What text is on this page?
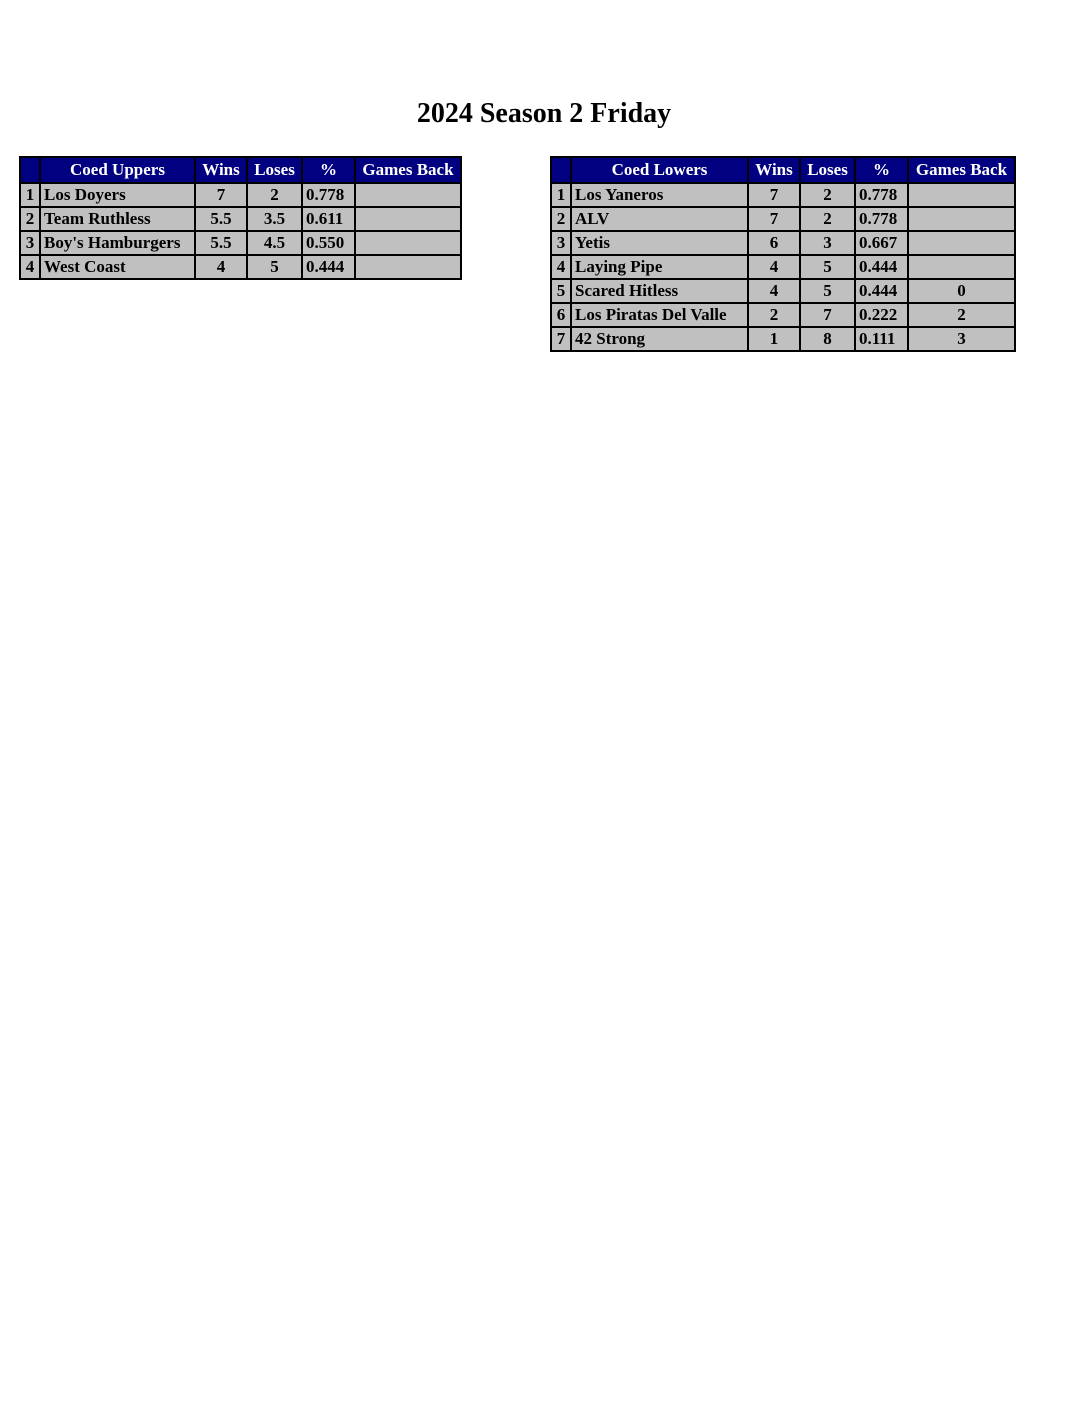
2024 Season 2 Friday
	Coed Uppers	Wins	Loses	%	Games Back
1	Los Doyers	7	2	0.778	
2	Team Ruthless	5.5	3.5	0.611	
3	Boy's Hamburgers	5.5	4.5	0.550	
4	West Coast	4	5	0.444	
	Coed Lowers	Wins	Loses	%	Games Back
1	Los Yaneros	7	2	0.778	
2	ALV	7	2	0.778	
3	Yetis	6	3	0.667	
4	Laying Pipe	4	5	0.444	
5	Scared Hitless	4	5	0.444	0
6	Los Piratas Del Valle	2	7	0.222	2
7	42 Strong	1	8	0.111	3
